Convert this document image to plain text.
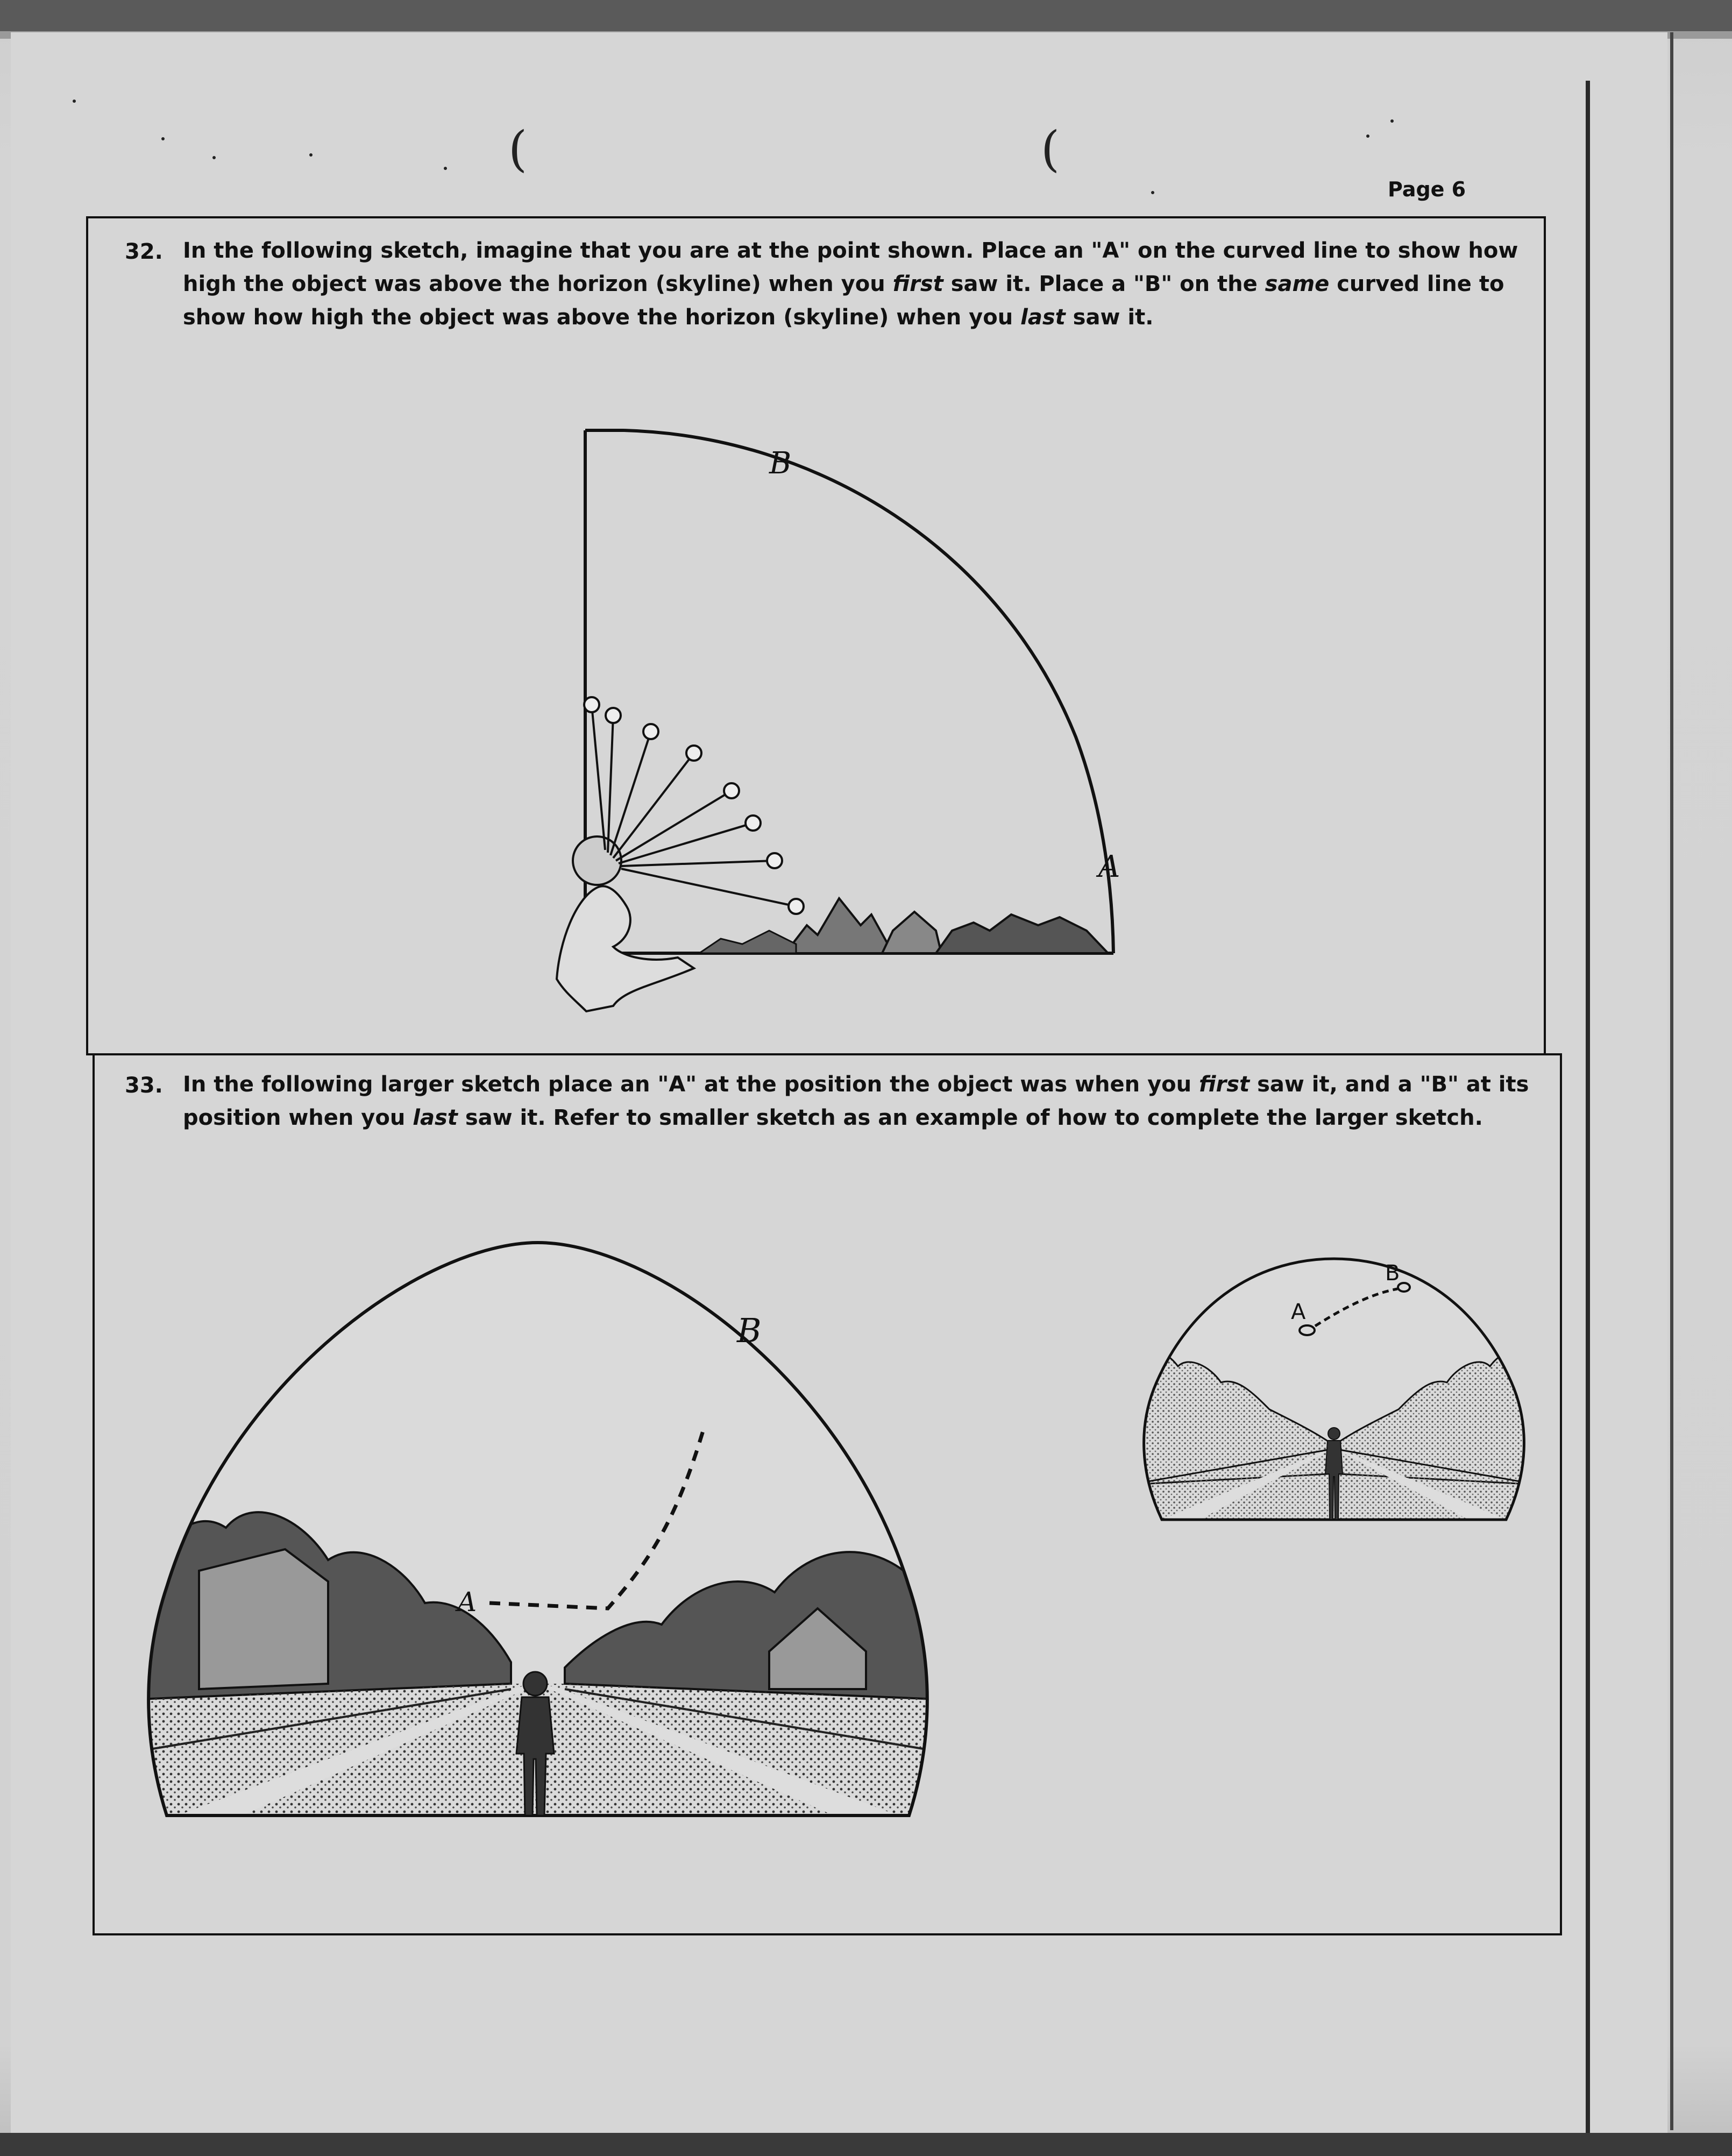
(	(
Page 6
32. In the following sketch, imagine that you are at the point shown. Place an "A" on the curved line to show how
high the object was above the horizon (skyline) when you first saw it. Place a "B" on the same curved line to
show how high the object was above the horizon (skyline) when you last saw it.
A
B
33. In the following larger sketch place an "A" at the position the object was when you first saw it, and a "B" at its
position when you last saw it. Refer to smaller sketch as an example of how to complete the larger sketch.
A
B	A
B
